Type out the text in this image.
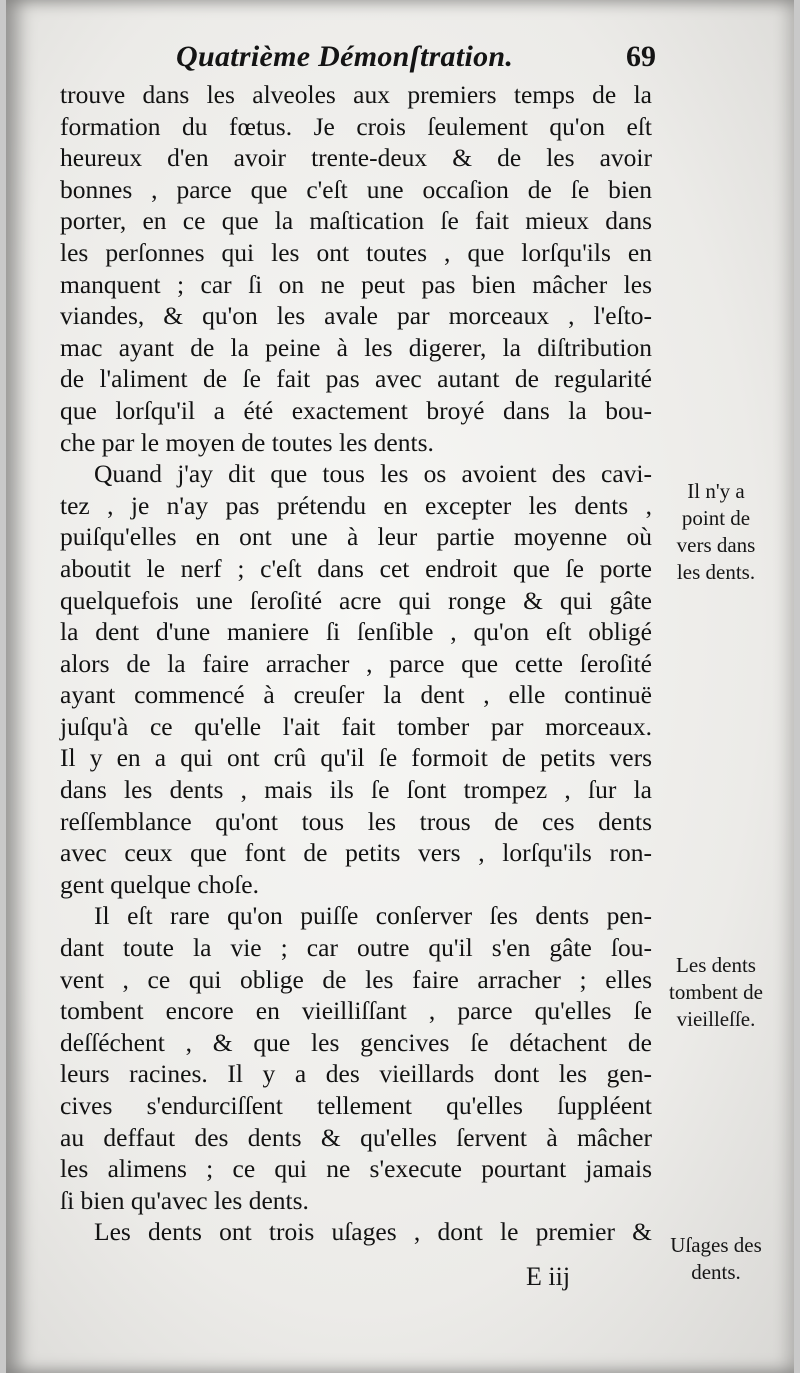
Quatrième Démonſtration.	69
trouve dans les alveoles aux premiers temps de la
formation du fœtus. Je crois ſeulement qu'on eſt
heureux d'en avoir trente-deux & de les avoir
bonnes , parce que c'eſt une occaſion de ſe bien
porter, en ce que la maſtication ſe fait mieux dans
les perſonnes qui les ont toutes , que lorſqu'ils en
manquent ; car ſi on ne peut pas bien mâcher les
viandes, & qu'on les avale par morceaux , l'eſto-
mac ayant de la peine à les digerer, la diſtribution
de l'aliment de ſe fait pas avec autant de regularité
que lorſqu'il a été exactement broyé dans la bou-
che par le moyen de toutes les dents.
Quand j'ay dit que tous les os avoient des cavi-
tez , je n'ay pas prétendu en excepter les dents ,
puiſqu'elles en ont une à leur partie moyenne où
aboutit le nerf ; c'eſt dans cet endroit que ſe porte
quelquefois une ſeroſité acre qui ronge & qui gâte
la dent d'une maniere ſi ſenſible , qu'on eſt obligé
alors de la faire arracher , parce que cette ſeroſité
ayant commencé à creuſer la dent , elle continuë
juſqu'à ce qu'elle l'ait fait tomber par morceaux.
Il y en a qui ont crû qu'il ſe formoit de petits vers
dans les dents , mais ils ſe ſont trompez , ſur la
reſſemblance qu'ont tous les trous de ces dents
avec ceux que font de petits vers , lorſqu'ils ron-
gent quelque choſe.
Il eſt rare qu'on puiſſe conſerver ſes dents pen-
dant toute la vie ; car outre qu'il s'en gâte ſou-
vent , ce qui oblige de les faire arracher ; elles
tombent encore en vieilliſſant , parce qu'elles ſe
deſſéchent , & que les gencives ſe détachent de
leurs racines. Il y a des vieillards dont les gen-
cives s'endurciſſent tellement qu'elles ſuppléent
au deffaut des dents & qu'elles ſervent à mâcher
les alimens ; ce qui ne s'execute pourtant jamais
ſi bien qu'avec les dents.
Les dents ont trois uſages , dont le premier &
Il n'y a
point de
vers dans
les dents.
Les dents
tombent de
vieilleſſe.
Uſages des
dents.
E iij
